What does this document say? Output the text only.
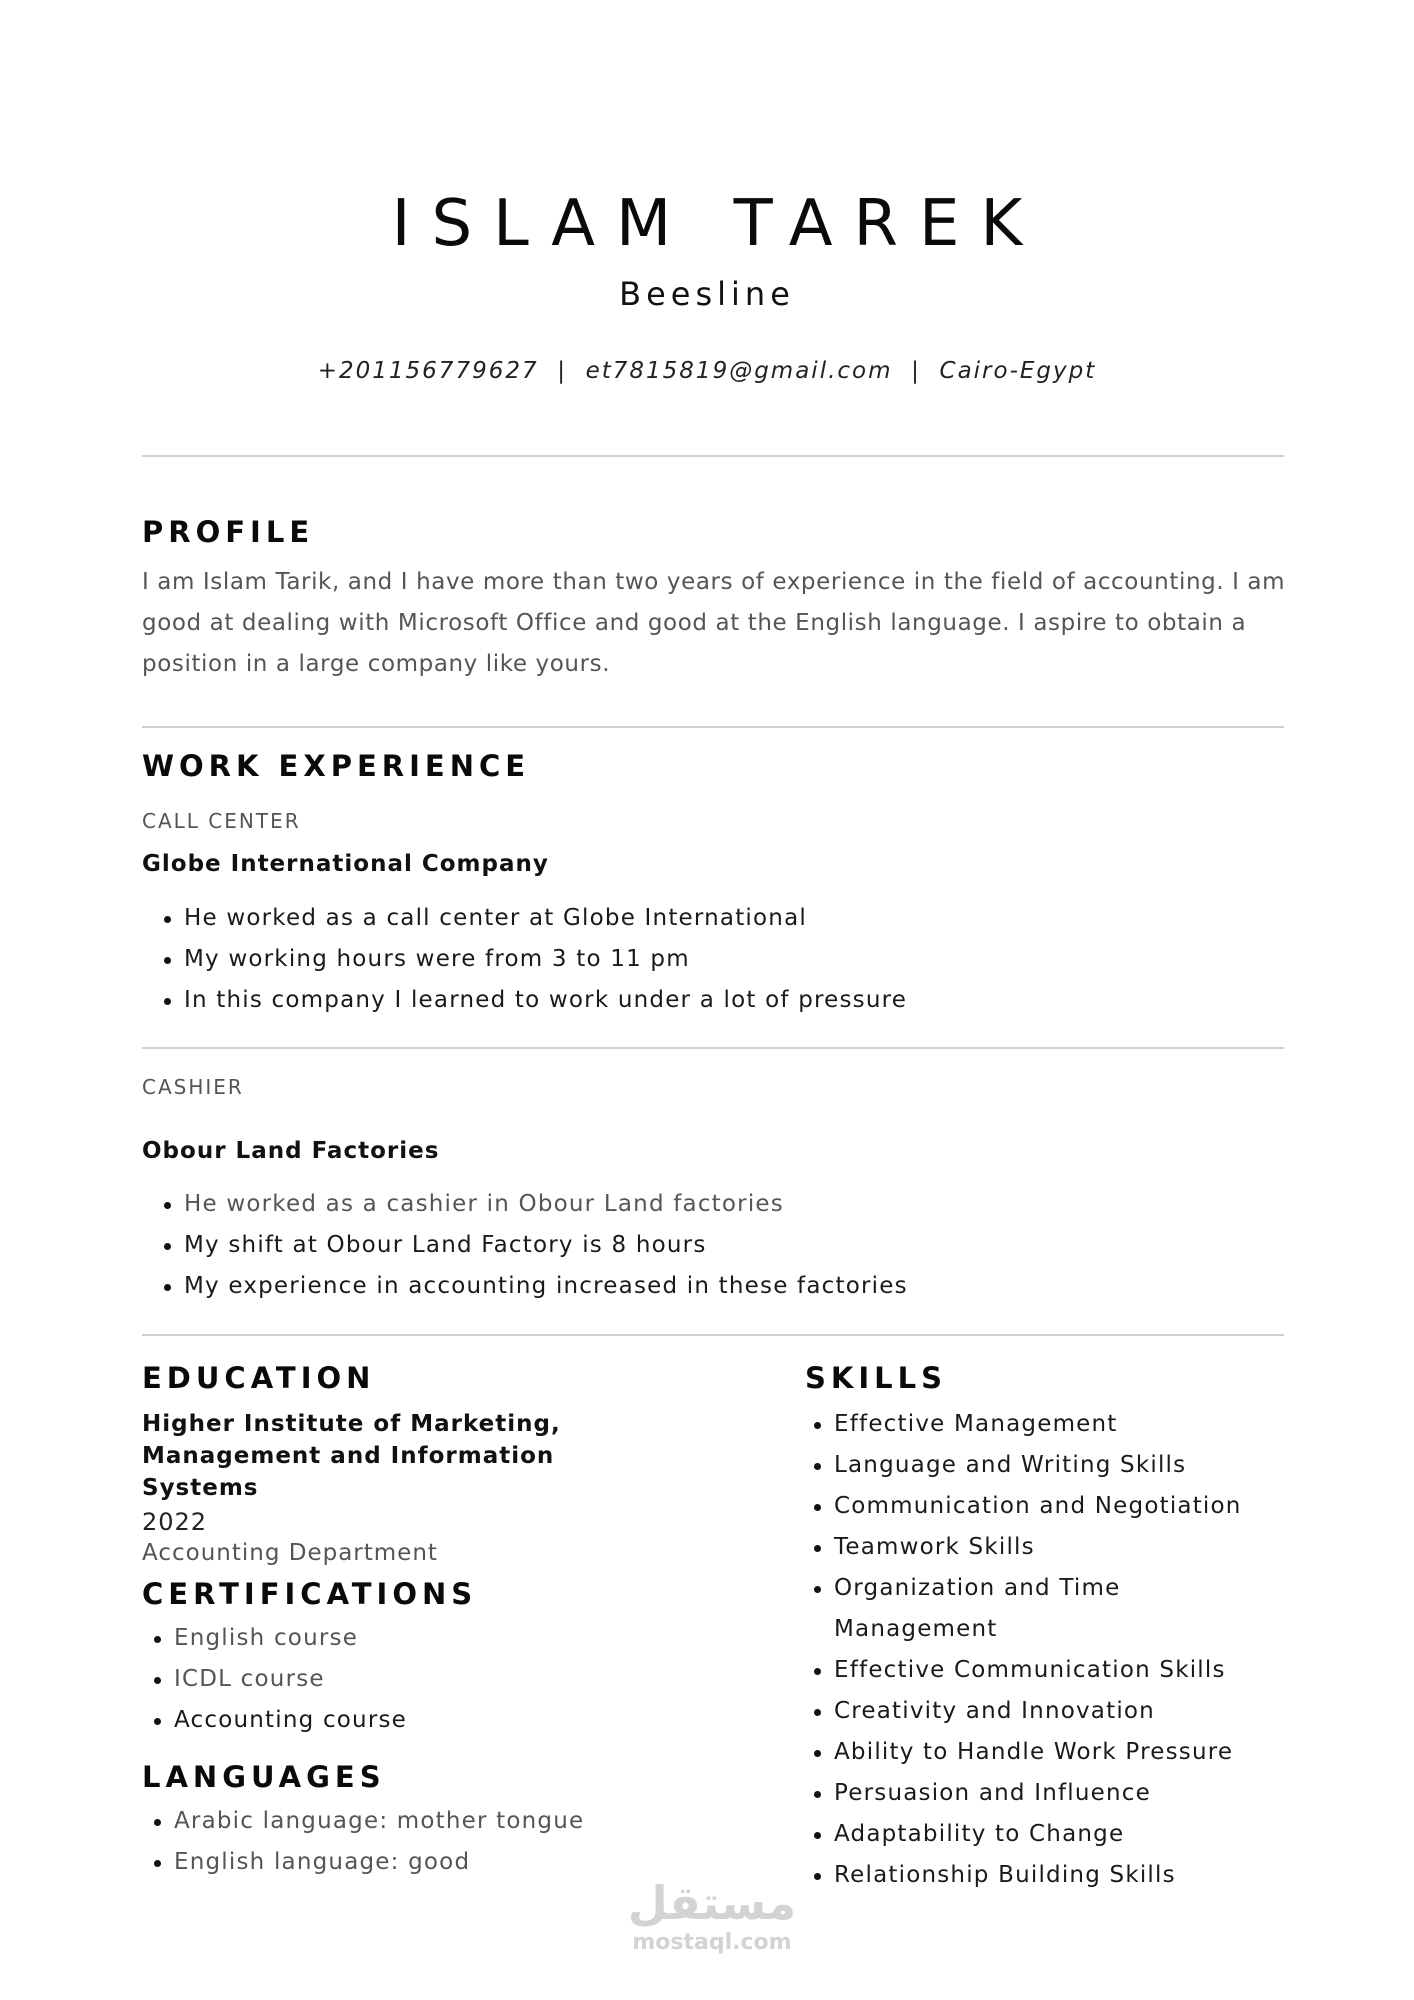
ISLAM TAREK
Beesline
+201156779627  |  et7815819@gmail.com  |  Cairo-Egypt
PROFILE

I am Islam Tarik, and I have more than two years of experience in the field of accounting. I am good at dealing with Microsoft Office and good at the English language. I aspire to obtain a position in a large company like yours.

WORK EXPERIENCE
CALL CENTER
Globe International Company
He worked as a call center at Globe International
My working hours were from 3 to 11 pm
In this company I learned to work under a lot of pressure
CASHIER
Obour Land Factories
He worked as a cashier in Obour Land factories
My shift at Obour Land Factory is 8 hours
My experience in accounting increased in these factories
EDUCATION
Higher Institute of Marketing, Management and Information Systems
2022
Accounting Department
CERTIFICATIONS
English course
ICDL course
Accounting course
LANGUAGES
Arabic language: mother tongue
English language: good
SKILLS
Effective Management
Language and Writing Skills
Communication and Negotiation
Teamwork Skills
Organization and Time Management
Effective Communication Skills
Creativity and Innovation
Ability to Handle Work Pressure
Persuasion and Influence
Adaptability to Change
Relationship Building Skills
مستقل
mostaql.com
